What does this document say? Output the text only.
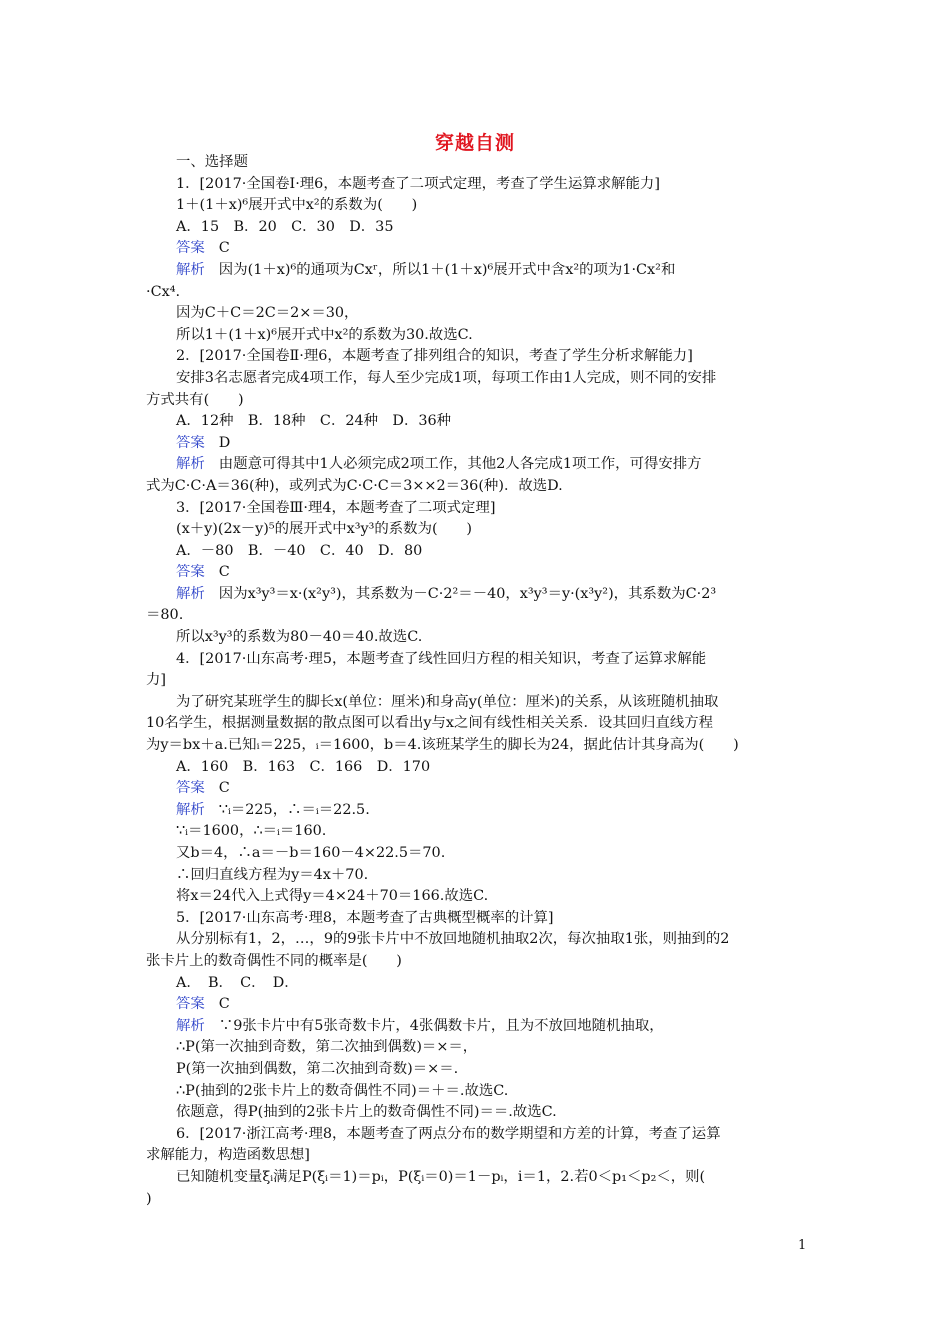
穿越自测
一、选择题
1．[2017·全国卷Ⅰ·理6，本题考查了二项式定理，考查了学生运算求解能力]
1＋(1＋x)⁶展开式中x²的系数为(　　)
A．15　B．20　C．30　D．35
答案 C
解析 因为(1＋x)⁶的通项为Cxʳ，所以1＋(1＋x)⁶展开式中含x²的项为1·Cx²和
·Cx⁴.
因为C＋C＝2C＝2×＝30，
所以1＋(1＋x)⁶展开式中x²的系数为30.故选C.
2．[2017·全国卷Ⅱ·理6，本题考查了排列组合的知识，考查了学生分析求解能力]
安排3名志愿者完成4项工作，每人至少完成1项，每项工作由1人完成，则不同的安排
方式共有(　　)
A．12种　B．18种　C．24种　D．36种
答案 D
解析 由题意可得其中1人必须完成2项工作，其他2人各完成1项工作，可得安排方
式为C·C·A＝36(种)，或列式为C·C·C＝3××2＝36(种)．故选D.
3．[2017·全国卷Ⅲ·理4，本题考查了二项式定理]
(x＋y)(2x－y)⁵的展开式中x³y³的系数为(　　)
A．－80　B．－40　C．40　D．80
答案 C
解析 因为x³y³＝x·(x²y³)，其系数为－C·2²＝－40，x³y³＝y·(x³y²)，其系数为C·2³
＝80.
所以x³y³的系数为80－40＝40.故选C.
4．[2017·山东高考·理5，本题考查了线性回归方程的相关知识，考查了运算求解能
力]
为了研究某班学生的脚长x(单位：厘米)和身高y(单位：厘米)的关系，从该班随机抽取
10名学生，根据测量数据的散点图可以看出y与x之间有线性相关关系．设其回归直线方程
为y＝bx＋a.已知ᵢ＝225，ᵢ＝1600，b＝4.该班某学生的脚长为24，据此估计其身高为(　　)
A．160　B．163　C．166　D．170
答案 C
解析 ∵ᵢ＝225，∴＝ᵢ＝22.5.
∵ᵢ＝1600，∴＝ᵢ＝160.
又b＝4，∴a＝－b＝160－4×22.5＝70.
∴回归直线方程为y＝4x＋70.
将x＝24代入上式得y＝4×24＋70＝166.故选C.
5．[2017·山东高考·理8，本题考查了古典概型概率的计算]
从分别标有1，2，…，9的9张卡片中不放回地随机抽取2次，每次抽取1张，则抽到的2
张卡片上的数奇偶性不同的概率是(　　)
A．　B．　C．　D．
答案 C
解析 ∵9张卡片中有5张奇数卡片，4张偶数卡片，且为不放回地随机抽取，
∴P(第一次抽到奇数，第二次抽到偶数)＝×＝，
P(第一次抽到偶数，第二次抽到奇数)＝×＝.
∴P(抽到的2张卡片上的数奇偶性不同)＝＋＝.故选C.
依题意，得P(抽到的2张卡片上的数奇偶性不同)＝＝.故选C.
6．[2017·浙江高考·理8，本题考查了两点分布的数学期望和方差的计算，考查了运算
求解能力，构造函数思想]
已知随机变量ξᵢ满足P(ξᵢ＝1)＝pᵢ，P(ξᵢ＝0)＝1－pᵢ，i＝1，2.若0＜p₁＜p₂＜，则(
)
1
